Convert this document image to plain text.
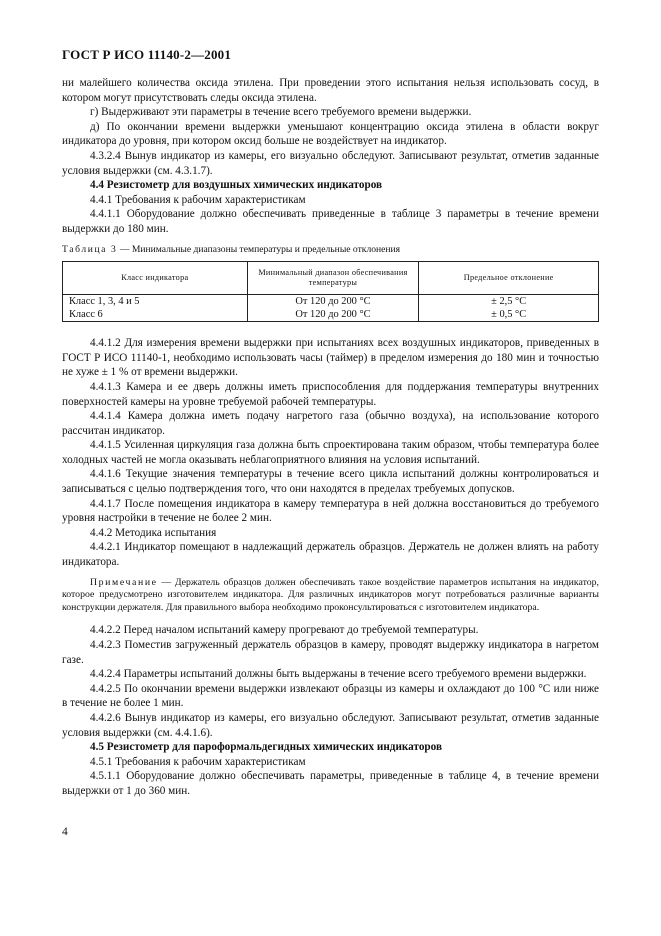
ГОСТ Р ИСО 11140-2—2001

ни малейшего количества оксида этилена. При проведении этого испытания нельзя использовать сосуд, в котором могут присутствовать следы оксида этилена.

г) Выдерживают эти параметры в течение всего требуемого времени выдержки.

д) По окончании времени выдержки уменьшают концентрацию оксида этилена в области вокруг индикатора до уровня, при котором оксид больше не воздействует на индикатор.

4.3.2.4 Вынув индикатор из камеры, его визуально обследуют. Записывают результат, отметив заданные условия выдержки (см. 4.3.1.7).

4.4 Резистометр для воздушных химических индикаторов

4.4.1 Требования к рабочим характеристикам

4.4.1.1 Оборудование должно обеспечивать приведенные в таблице 3 параметры в течение времени выдержки до 180 мин.

Таблица 3 — Минимальные диапазоны температуры и предельные отклонения
Класс индикатора	Минимальный диапазон обеспечивания температуры	Предельное отклонение
Класс 1, 3, 4 и 5	От 120 до 200 °С	± 2,5 °С
Класс 6	От 120 до 200 °С	± 0,5 °С

4.4.1.2 Для измерения времени выдержки при испытаниях всех воздушных индикаторов, приведенных в ГОСТ Р ИСО 11140-1, необходимо использовать часы (таймер) в пределом измерения до 180 мин и точностью не хуже ± 1 % от времени выдержки.

4.4.1.3 Камера и ее дверь должны иметь приспособления для поддержания температуры внутренних поверхностей камеры на уровне требуемой рабочей температуры.

4.4.1.4 Камера должна иметь подачу нагретого газа (обычно воздуха), на использование которого рассчитан индикатор.

4.4.1.5 Усиленная циркуляция газа должна быть спроектирована таким образом, чтобы температура более холодных частей не могла оказывать неблагоприятного влияния на условия испытаний.

4.4.1.6 Текущие значения температуры в течение всего цикла испытаний должны контролироваться и записываться с целью подтверждения того, что они находятся в пределах требуемых допусков.

4.4.1.7 После помещения индикатора в камеру температура в ней должна восстановиться до требуемого уровня настройки в течение не более 2 мин.

4.4.2 Методика испытания

4.4.2.1 Индикатор помещают в надлежащий держатель образцов. Держатель не должен влиять на работу индикатора.

Примечание — Держатель образцов должен обеспечивать такое воздействие параметров испытания на индикатор, которое предусмотрено изготовителем индикатора. Для различных индикаторов могут потребоваться различные варианты конструкции держателя. Для правильного выбора необходимо проконсультироваться с изготовителем индикатора.

4.4.2.2 Перед началом испытаний камеру прогревают до требуемой температуры.

4.4.2.3 Поместив загруженный держатель образцов в камеру, проводят выдержку индикатора в нагретом газе.

4.4.2.4 Параметры испытаний должны быть выдержаны в течение всего требуемого времени выдержки.

4.4.2.5 По окончании времени выдержки извлекают образцы из камеры и охлаждают до 100 °С или ниже в течение не более 1 мин.

4.4.2.6 Вынув индикатор из камеры, его визуально обследуют. Записывают результат, отметив заданные условия выдержки (см. 4.4.1.6).

4.5 Резистометр для пароформальдегидных химических индикаторов

4.5.1 Требования к рабочим характеристикам

4.5.1.1 Оборудование должно обеспечивать параметры, приведенные в таблице 4, в течение времени выдержки от 1 до 360 мин.

4
